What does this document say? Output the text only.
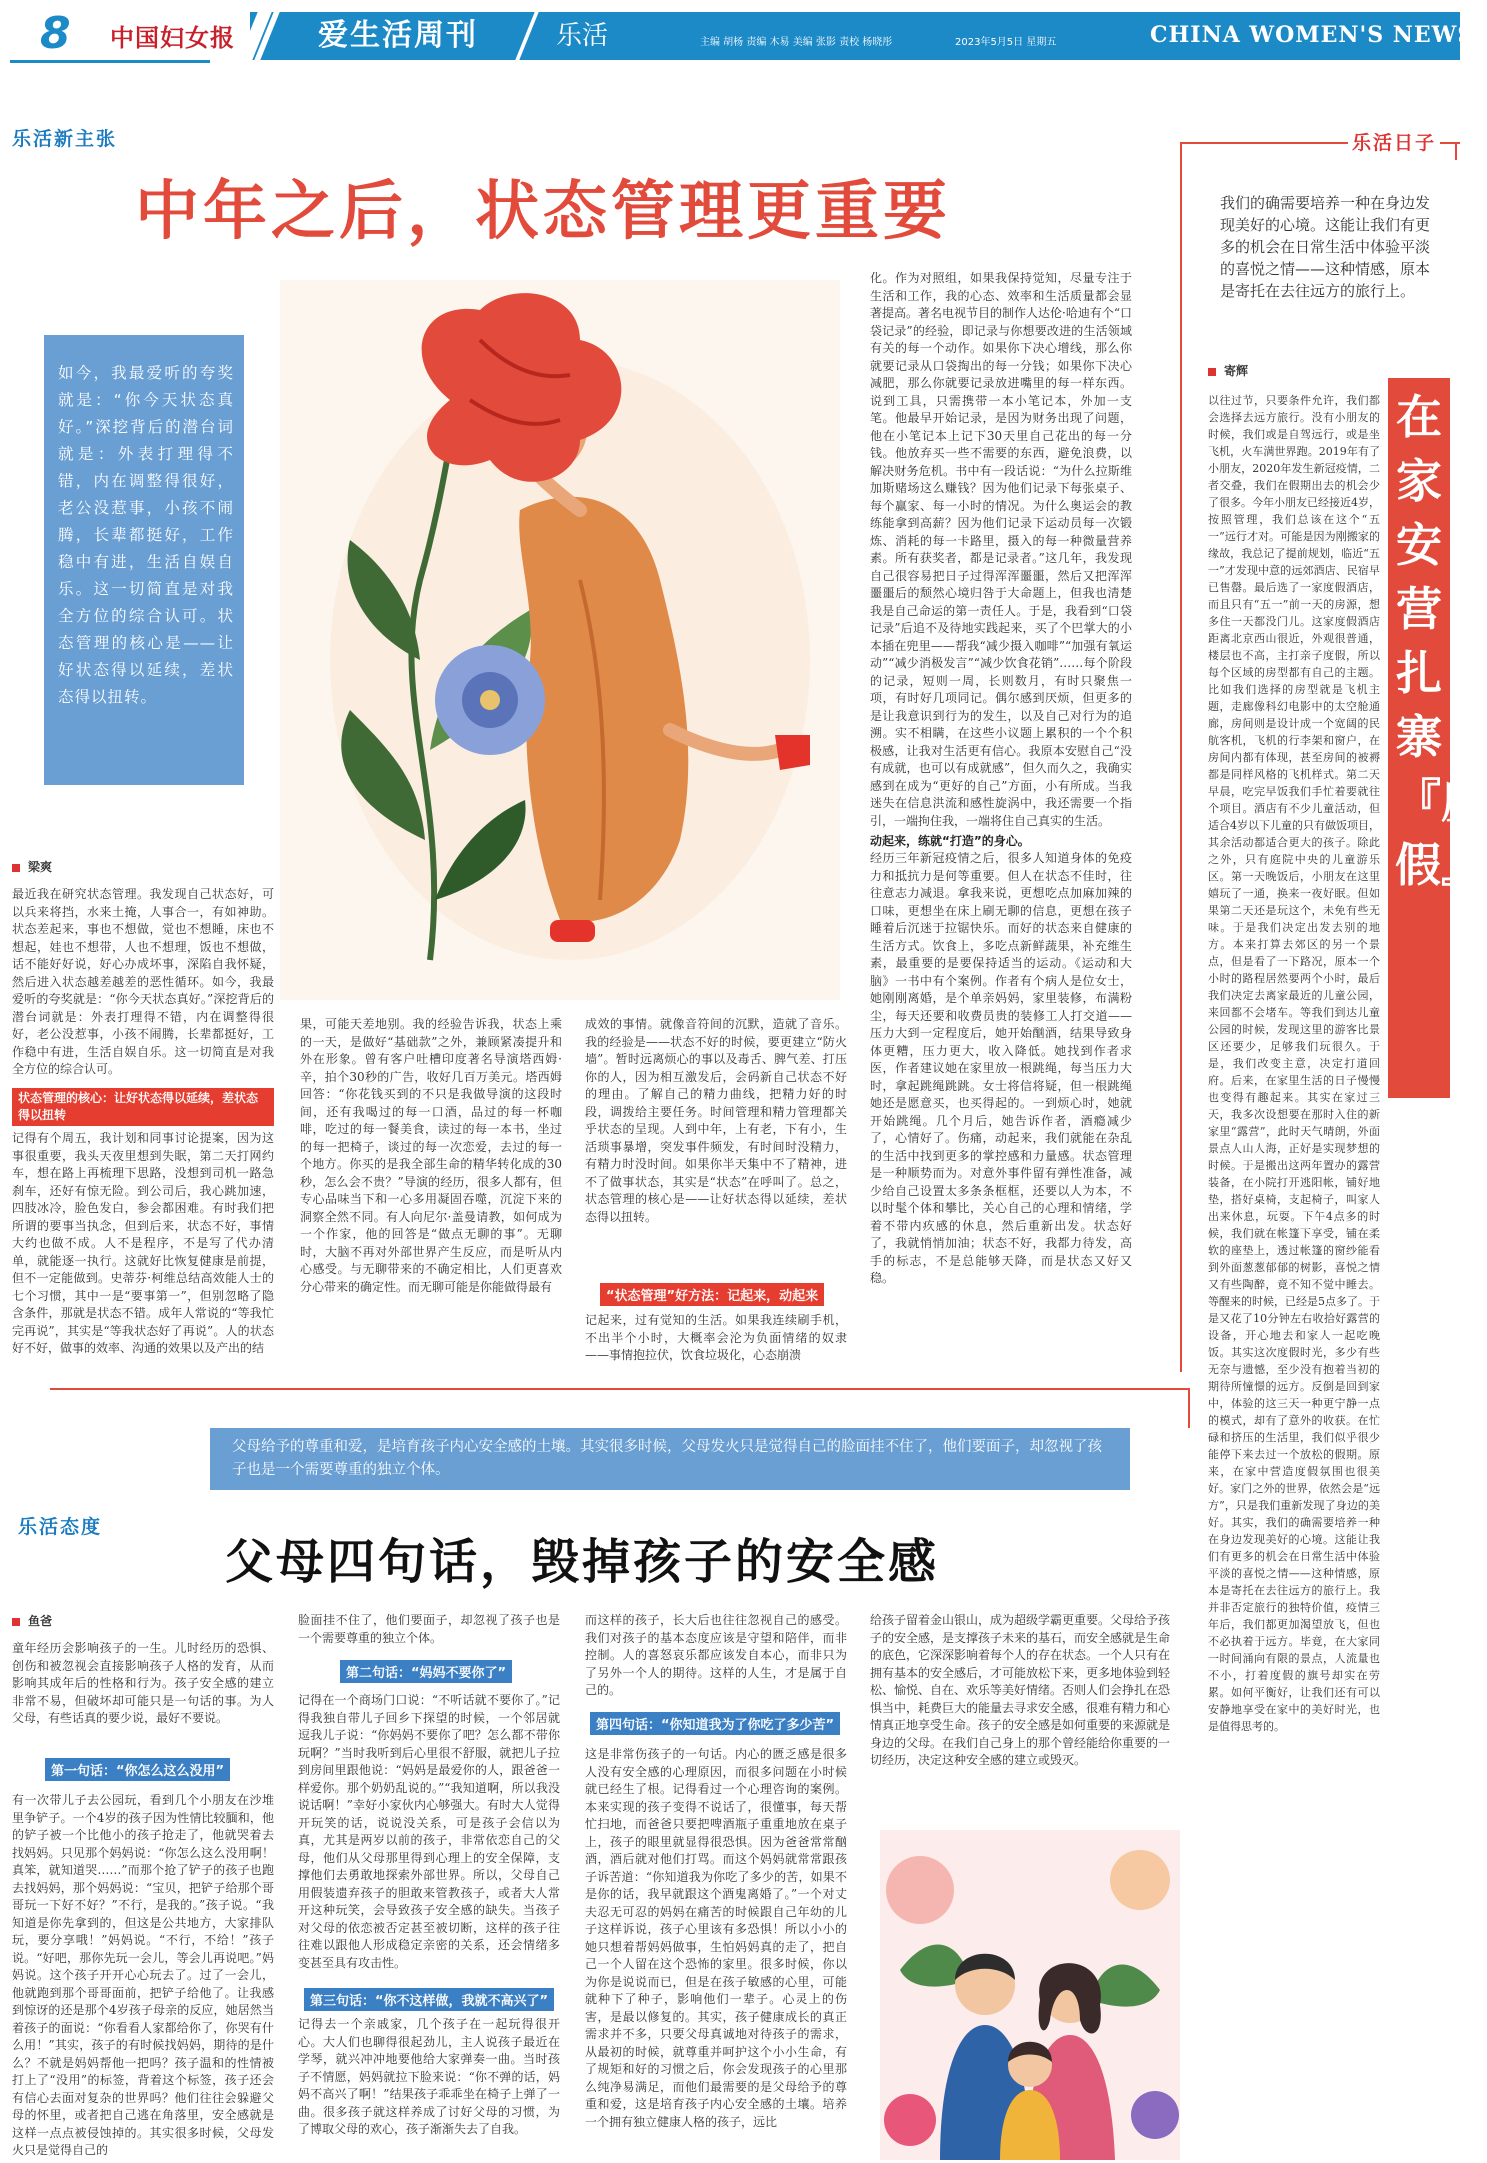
8 中国妇女报	爱生活周刊	乐活	主编 胡杨 责编 木易 美编 张影 责校 杨晓彤	2023年5月5日 星期五	CHINA WOMEN'S NEWS
乐活新主张
中年之后，状态管理更重要
如今，我最爱听的夸奖就是：“你今天状态真好。”深挖背后的潜台词就是：外表打理得不错，内在调整得很好，老公没惹事，小孩不闹腾，长辈都挺好，工作稳中有进，生活自娱自乐。这一切简直是对我全方位的综合认可。状态管理的核心是——让好状态得以延续，差状态得以扭转。
梁爽
最近我在研究状态管理。我发现自己状态好，可以兵来将挡，水来土掩，人事合一，有如神助。状态差起来，事也不想做，觉也不想睡，床也不想起，娃也不想带，人也不想理，饭也不想做，话不能好好说，好心办成坏事，深陷自我怀疑，然后进入状态越差越差的恶性循环。如今，我最爱听的夸奖就是：“你今天状态真好。”深挖背后的潜台词就是：外表打理得不错，内在调整得很好，老公没惹事，小孩不闹腾，长辈都挺好，工作稳中有进，生活自娱自乐。这一切简直是对我全方位的综合认可。
状态管理的核心：让好状态得以延续，差状态得以扭转
记得有个周五，我计划和同事讨论提案，因为这事很重要，我头天夜里想到失眠，第二天打网约车，想在路上再梳理下思路，没想到司机一路急刹车，还好有惊无险。到公司后，我心跳加速，四肢冰冷，脸色发白，参会都困难。有时我们把所谓的要事当执念，但到后来，状态不好，事情大约也做不成。人不是程序，不是写了代办清单，就能逐一执行。这就好比恢复健康是前提，但不一定能做到。史蒂芬·柯维总结高效能人士的七个习惯，其中一是“要事第一”，但别忽略了隐含条件，那就是状态不错。成年人常说的“等我忙完再说”，其实是“等我状态好了再说”。人的状态好不好，做事的效率、沟通的效果以及产出的结
果，可能天差地别。我的经验告诉我，状态上乘的一天，是做好“基础款”之外，兼顾紧凑提升和外在形象。曾有客户吐槽印度著名导演塔西姆·辛，拍个30秒的广告，收好几百万美元。塔西姆回答：“你花钱买到的不只是我做导演的这段时间，还有我喝过的每一口酒，品过的每一杯咖啡，吃过的每一餐美食，读过的每一本书，坐过的每一把椅子，谈过的每一次恋爱，去过的每一个地方。你买的是我全部生命的精华转化成的30秒，怎么会不贵？”导演的经历，很多人都有，但专心品味当下和一心多用凝固吞噬，沉淀下来的洞察全然不同。有人向尼尔·盖曼请教，如何成为一个作家，他的回答是“做点无聊的事”。无聊时，大脑不再对外部世界产生反应，而是听从内心感受。与无聊带来的不确定相比，人们更喜欢分心带来的确定性。而无聊可能是你能做得最有
成效的事情。就像音符间的沉默，造就了音乐。我的经验是——状态不好的时候，要更建立“防火墙”。暂时远离烦心的事以及毒舌、脾气差、打压你的人，因为相互激发后，会码新自己状态不好的理由。了解自己的精力曲线，把精力好的时段，调拨给主要任务。时间管理和精力管理都关乎状态的呈现。人到中年，上有老，下有小，生活琐事暴增，突发事件频发，有时间时没精力，有精力时没时间。如果你半天集中不了精神，进不了做事状态，其实是“状态”在呼叫了。总之，状态管理的核心是——让好状态得以延续，差状态得以扭转。
“状态管理”好方法：记起来，动起来
记起来，过有觉知的生活。如果我连续刷手机，不出半个小时，大概率会沦为负面情绪的奴隶——事情抱拉伏，饮食垃圾化，心态崩溃
化。作为对照组，如果我保持觉知，尽量专注于生活和工作，我的心态、效率和生活质量都会显著提高。著名电视节目的制作人达伦·哈迪有个“口袋记录”的经验，即记录与你想要改进的生活领域有关的每一个动作。如果你下决心增线，那么你就要记录从口袋掏出的每一分钱；如果你下决心减肥，那么你就要记录放进嘴里的每一样东西。说到工具，只需携带一本小笔记本，外加一支笔。他最早开始记录，是因为财务出现了问题，他在小笔记本上记下30天里自己花出的每一分钱。他放弃买一些不需要的东西，避免浪费，以解决财务危机。书中有一段话说：“为什么拉斯维加斯赌场这么赚钱？因为他们记录下每张桌子、每个赢家、每一小时的情况。为什么奥运会的教练能拿到高薪？因为他们记录下运动员每一次锻炼、消耗的每一卡路里，摄入的每一种微量营养素。所有获奖者，都是记录者。”这几年，我发现自己很容易把日子过得浑浑噩噩，然后又把浑浑噩噩后的颓然心境归咎于大命题上，但我也清楚我是自己命运的第一责任人。于是，我看到“口袋记录”后追不及待地实践起来，买了个巴掌大的小本插在兜里——帮我“减少摄入咖啡”“加强有氧运动”“减少消极发言”“减少饮食花销”……每个阶段的记录，短则一周，长则数月，有时只聚焦一项，有时好几项同记。偶尔感到厌烦，但更多的是让我意识到行为的发生，以及自己对行为的追溯。实不相瞒，在这些小议题上累积的一个个积极感，让我对生活更有信心。我原本安慰自己“没有成就，也可以有成就感”，但久而久之，我确实感到在成为“更好的自己”方面，小有所成。当我迷失在信息洪流和感性旋涡中，我还需要一个指引，一端拘住我，一端将住自己真实的生活。
动起来，练就“打造”的身心。
经历三年新冠疫情之后，很多人知道身体的免疫力和抵抗力是何等重要。但人在状态不佳时，往往意志力减退。拿我来说，更想吃点加麻加辣的口味，更想坐在床上刷无聊的信息，更想在孩子睡着后沉迷于拉锯快乐。而好的状态来自健康的生活方式。饮食上，多吃点新鲜蔬果，补充维生素，最重要的是要保持适当的运动。《运动和大脑》一书中有个案例。作者有个病人是位女士，她刚刚离婚，是个单亲妈妈，家里装修，布满粉尘，每天还要和收费员贵的装修工人打交道——压力大到一定程度后，她开始酗酒，结果导致身体更糟，压力更大，收入降低。她找到作者求医，作者建议她在家里放一根跳绳，每当压力大时，拿起跳绳跳跳。女士将信将疑，但一根跳绳她还是愿意买，也买得起的。一到烦心时，她就开始跳绳。几个月后，她告诉作者，酒瘾减少了，心情好了。伤痛，动起来，我们就能在杂乱的生活中找到更多的掌控感和力量感。状态管理是一种顺势而为。对意外事件留有弹性准备，减少给自己设置太多条条框框，还要以人为本，不以时髦个体和攀比，关心自己的心理和情绪，学着不带内疚感的休息，然后重新出发。状态好了，我就悄悄加油；状态不好，我都力待发，高手的标志，不是总能够天降，而是状态又好又稳。
乐活日子
我们的确需要培养一种在身边发现美好的心境。这能让我们有更多的机会在日常生活中体验平淡的喜悦之情——这种情感，原本是寄托在去往远方的旅行上。
寄辉
在家安营扎寨『度假』
以往过节，只要条件允许，我们都会选择去远方旅行。没有小朋友的时候，我们或是自驾远行，或是坐飞机，火车满世界跑。2019年有了小朋友，2020年发生新冠疫情，二者交叠，我们在假期出去的机会少了很多。今年小朋友已经接近4岁，按照管理，我们总该在这个“五一”远行才对。可能是因为刚搬家的缘故，我总记了提前规划，临近“五一”才发现中意的远郊酒店、民宿早已售罄。最后选了一家度假酒店，而且只有“五一”前一天的房源，想多住一天都没门儿。这家度假酒店距离北京西山很近，外观很普通，楼层也不高，主打亲子度假，所以每个区域的房型都有自己的主题。比如我们选择的房型就是飞机主题，走廊像科幻电影中的太空舱通廊，房间则是设计成一个宽阔的民航客机，飞机的行李架和窗户，在房间内都有体现，甚至房间的被褥都是同样风格的飞机样式。第二天早晨，吃完早饭我们手忙着要就往个项目。酒店有不少儿童活动，但适合4岁以下儿童的只有做饭项目，其余活动都适合更大的孩子。除此之外，只有庭院中央的儿童游乐区。第一天晚饭后，小朋友在这里嬉玩了一通，换来一夜好眠。但如果第二天还是玩这个，未免有些无味。于是我们决定出发去别的地方。本来打算去郊区的另一个景点，但是看了一下路况，原本一个小时的路程居然要两个小时，最后我们决定去离家最近的儿童公园，来回都不会堵车。等我们到达儿童公园的时候，发现这里的游客比景区还要少，足够我们玩很久。于是，我们改变主意，决定打道回府。后来，在家里生活的日子慢慢也变得有趣起来。其实在家过三天，我多次设想要在那时入住的新家里“露营”，此时天气晴朗，外面景点人山人海，正好是实现梦想的时候。于是搬出这两年置办的露营装备，在小院打开逃阳帐，铺好地垫，搭好桌椅，支起椅子，叫家人出来休息，玩耍。下午4点多的时候，我们就在帐篷下享受，铺在柔软的座垫上，透过帐篷的窗纱能看到外面葱葱郁郁的树影，喜悦之情又有些陶醉，竟不知不觉中睡去。等醒来的时候，已经是5点多了。于是又花了10分钟左右收拾好露营的设备，开心地去和家人一起吃晚饭。其实这次度假时光，多少有些无奈与遗憾，至少没有抱着当初的期待所憧憬的远方。反倒是回到家中，体验的这三天一种更宁静一点的模式，却有了意外的收获。在忙碌和挤压的生活里，我们似乎很少能停下来去过一个放松的假期。原来，在家中营造度假氛围也很美好。家门之外的世界，依然会是“远方”，只是我们重新发现了身边的美好。其实，我们的确需要培养一种在身边发现美好的心境。这能让我们有更多的机会在日常生活中体验平淡的喜悦之情——这种情感，原本是寄托在去往远方的旅行上。我并非否定旅行的独特价值，疫情三年后，我们都更加渴望放飞，但也不必执着于远方。毕竟，在大家同一时间涌向有限的景点，人流量也不小，打着度假的旗号却实在劳累。如何平衡好，让我们还有可以安静地享受在家中的美好时光，也是值得思考的。
父母给予的尊重和爱，是培育孩子内心安全感的土壤。其实很多时候，父母发火只是觉得自己的脸面挂不住了，他们要面子，却忽视了孩子也是一个需要尊重的独立个体。
乐活态度
父母四句话，毁掉孩子的安全感
鱼爸
童年经历会影响孩子的一生。儿时经历的恐惧、创伤和被忽视会直接影响孩子人格的发育，从而影响其成年后的性格和行为。孩子安全感的建立非常不易，但破坏却可能只是一句话的事。为人父母，有些话真的要少说，最好不要说。
第一句话：“你怎么这么没用”
有一次带儿子去公园玩，看到几个小朋友在沙堆里争铲子。一个4岁的孩子因为性情比较腼和，他的铲子被一个比他小的孩子抢走了，他就哭着去找妈妈。只见那个妈妈说：“你怎么这么没用啊！真笨，就知道哭……”而那个抢了铲子的孩子也跑去找妈妈，那个妈妈说：“宝贝，把铲子给那个哥哥玩一下好不好？”不行，是我的。”孩子说。“我知道是你先拿到的，但这是公共地方，大家排队玩，要分享哦！”妈妈说。“不行，不给！”孩子说。“好吧，那你先玩一会儿，等会儿再说吧。”妈妈说。这个孩子开开心心玩去了。过了一会儿，他就跑到那个哥哥面前，把铲子给他了。让我感到惊讶的还是那个4岁孩子母亲的反应，她居然当着孩子的面说：“你看看人家都给你了，你哭有什么用！”其实，孩子的有时候找妈妈，期待的是什么？不就是妈妈帮他一把吗？孩子温和的性情被打上了“没用”的标签，背着这个标签，孩子还会有信心去面对复杂的世界吗？他们往往会躲避父母的怀里，或者把自己逃在角落里，安全感就是这样一点点被侵蚀掉的。其实很多时候，父母发火只是觉得自己的
脸面挂不住了，他们要面子，却忽视了孩子也是一个需要尊重的独立个体。
第二句话：“妈妈不要你了”
记得在一个商场门口说：“不听话就不要你了。”记得我独自带儿子回乡下探望的时候，一个邻居就逗我儿子说：“你妈妈不要你了吧？怎么都不带你玩啊？”当时我听到后心里很不舒服，就把儿子拉到房间里跟他说：“妈妈是最爱你的人，跟爸爸一样爱你。那个奶奶乱说的。”“我知道啊，所以我没说话啊！”幸好小家伙内心够强大。有时大人觉得开玩笑的话，说说没关系，可是孩子会信以为真，尤其是两岁以前的孩子，非常依恋自己的父母，他们从父母那里得到心理上的安全保障，支撑他们去勇敢地探索外部世界。所以，父母自己用假装遗弃孩子的胆敢来管教孩子，或者大人常开这种玩笑，会导致孩子安全感的缺失。当孩子对父母的依恋被否定甚至被切断，这样的孩子往往难以跟他人形成稳定亲密的关系，还会情绪多变甚至具有攻击性。
第三句话：“你不这样做，我就不高兴了”
记得去一个亲戚家，几个孩子在一起玩得很开心。大人们也聊得很起劲儿，主人说孩子最近在学琴，就兴冲冲地要他给大家弹奏一曲。当时孩子不情愿，妈妈就拉下脸来说：“你不弹的话，妈妈不高兴了啊！”结果孩子乖乖坐在椅子上弹了一曲。很多孩子就这样养成了讨好父母的习惯，为了博取父母的欢心，孩子渐渐失去了自我。
而这样的孩子，长大后也往往忽视自己的感受。我们对孩子的基本态度应该是守望和陪伴，而非控制。人的喜怒哀乐都应该发自本心，而非只为了另外一个人的期待。这样的人生，才是属于自己的。
第四句话：“你知道我为了你吃了多少苦”
这是非常伤孩子的一句话。内心的匮乏感是很多人没有安全感的心理原因，而很多问题在小时候就已经生了根。记得看过一个心理咨询的案例。本来实现的孩子变得不说话了，很懂事，每天帮忙扫地，而爸爸只要把啤酒瓶子重重地放在桌子上，孩子的眼里就显得很恐惧。因为爸爸常常酗酒，酒后就对他们打骂。而这个妈妈就常常跟孩子诉苦道：“你知道我为你吃了多少的苦，如果不是你的话，我早就跟这个酒鬼离婚了。”一个对丈夫忍无可忍的妈妈在痛苦的时候跟自己年幼的儿子这样诉说，孩子心里该有多恐惧！所以小小的她只想着帮妈妈做事，生怕妈妈真的走了，把自己一个人留在这个恐怖的家里。很多时候，你以为你是说说而已，但是在孩子敏感的心里，可能就种下了种子，影响他们一辈子。心灵上的伤害，是最以修复的。其实，孩子健康成长的真正需求并不多，只要父母真诚地对待孩子的需求，从最初的时候，就尊重并呵护这个小小生命，有了规矩和好的习惯之后，你会发现孩子的心里那么纯净易满足，而他们最需要的是父母给予的尊重和爱，这是培育孩子内心安全感的土壤。培养一个拥有独立健康人格的孩子，远比
给孩子留着金山银山，成为超级学霸更重要。父母给予孩子的安全感，是支撑孩子未来的基石，而安全感就是生命的底色，它深深影响着每个人的存在状态。一个人只有在拥有基本的安全感后，才可能放松下来，更多地体验到轻松、愉悦、自在、欢乐等美好情绪。否则人们会挣扎在恐惧当中，耗费巨大的能量去寻求安全感，很难有精力和心情真正地享受生命。孩子的安全感是如何重要的来源就是身边的父母。在我们自己身上的那个曾经能给你重要的一切经历，决定这种安全感的建立或毁灭。
